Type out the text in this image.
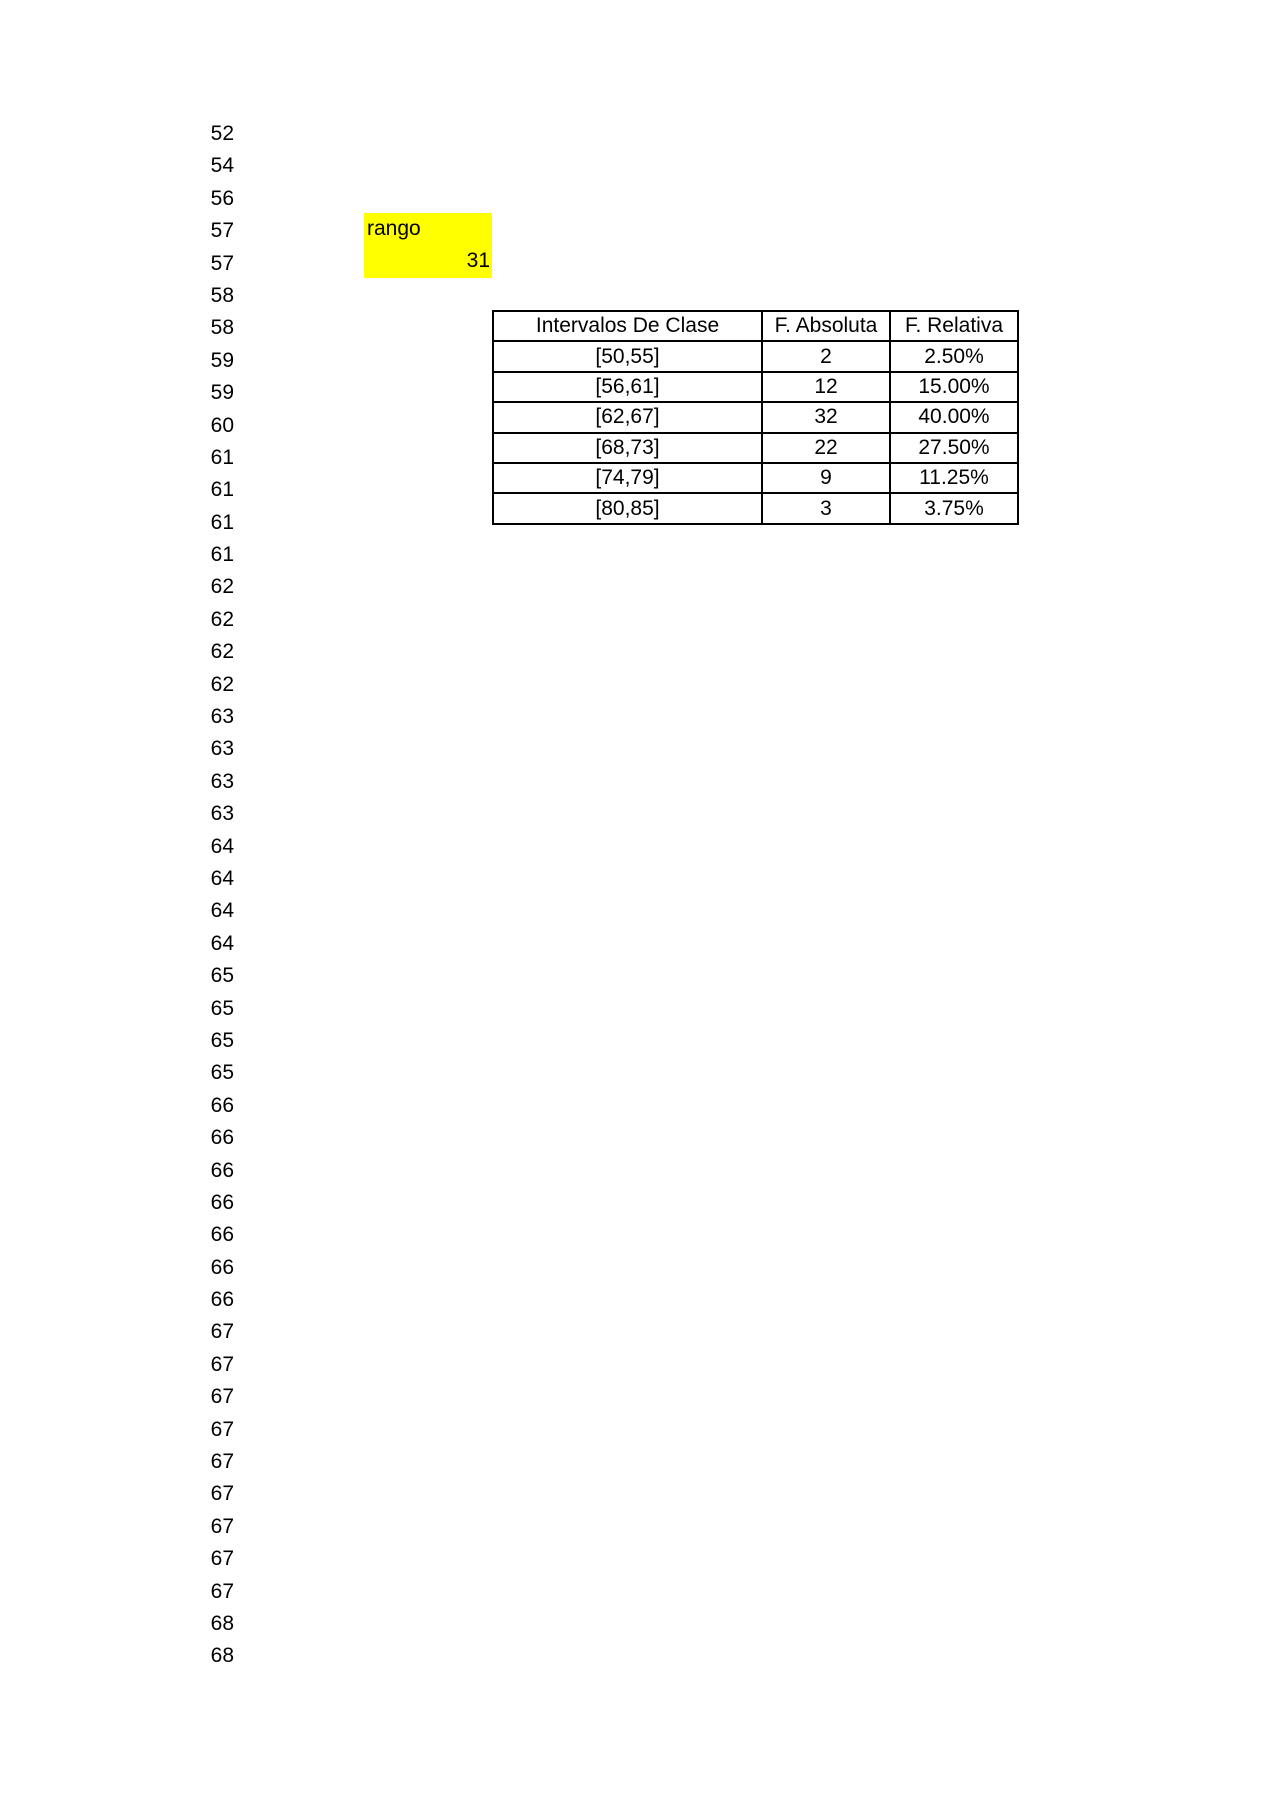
52
54
56
57
57
58
58
59
59
60
61
61
61
61
62
62
62
62
63
63
63
63
64
64
64
64
65
65
65
65
66
66
66
66
66
66
66
67
67
67
67
67
67
67
67
67
68
68
rango
31
Intervalos De Clase	F. Absoluta	F. Relativa
[50,55]	2	2.50%
[56,61]	12	15.00%
[62,67]	32	40.00%
[68,73]	22	27.50%
[74,79]	9	11.25%
[80,85]	3	3.75%
